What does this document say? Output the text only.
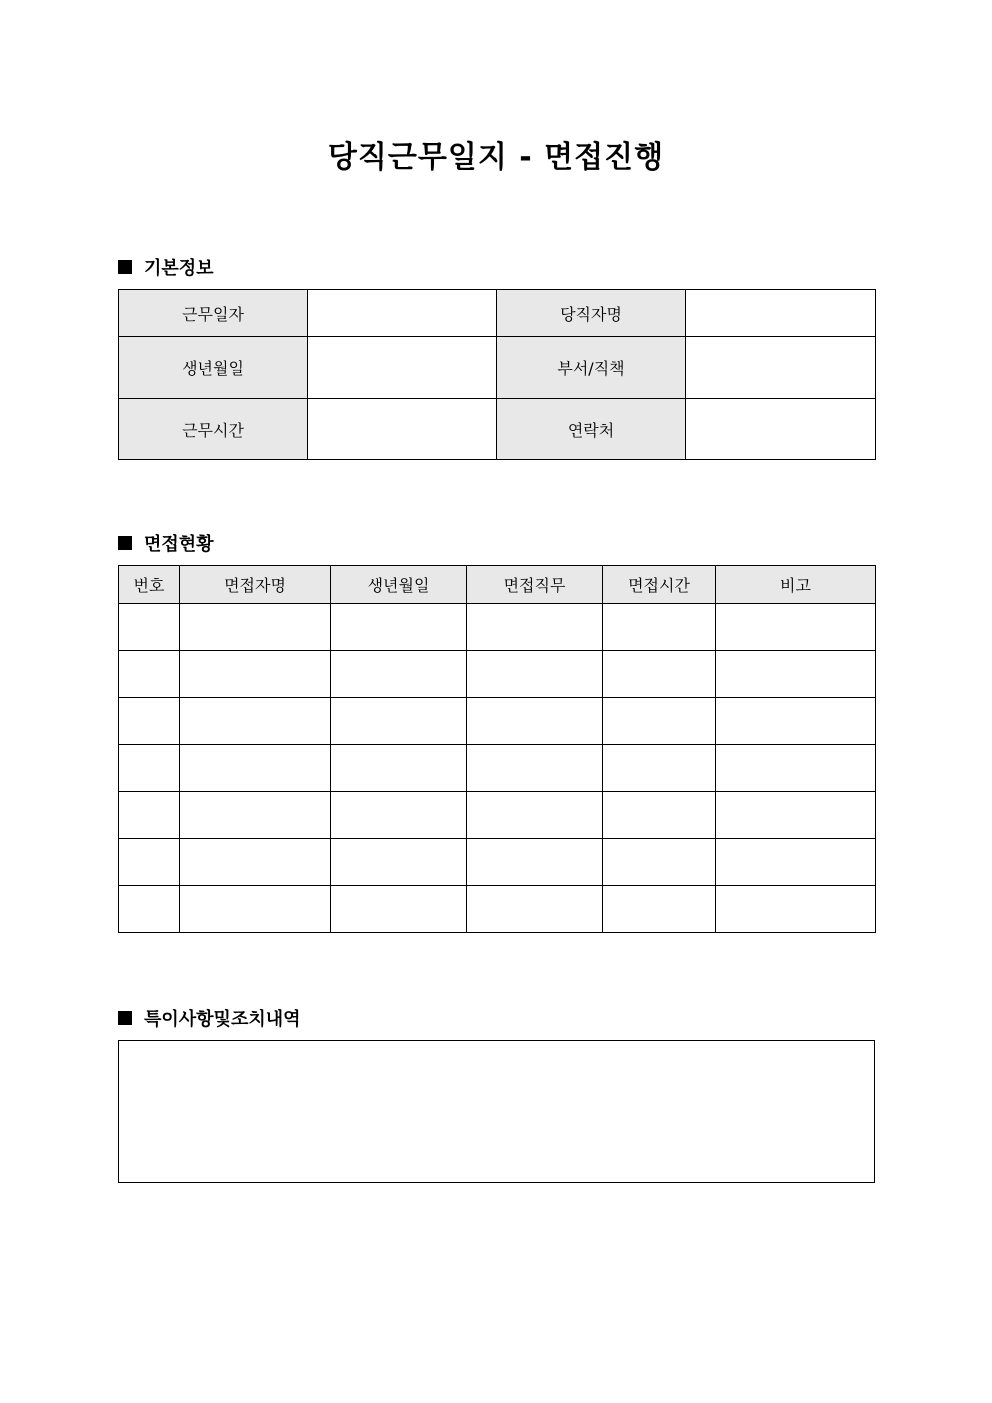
당직근무일지 - 면접진행
기본정보
근무일자		당직자명	
생년월일		부서/직책	
근무시간		연락처	
면접현황
번호	면접자명	생년월일	면접직무	면접시간	비고

특이사항및조치내역
